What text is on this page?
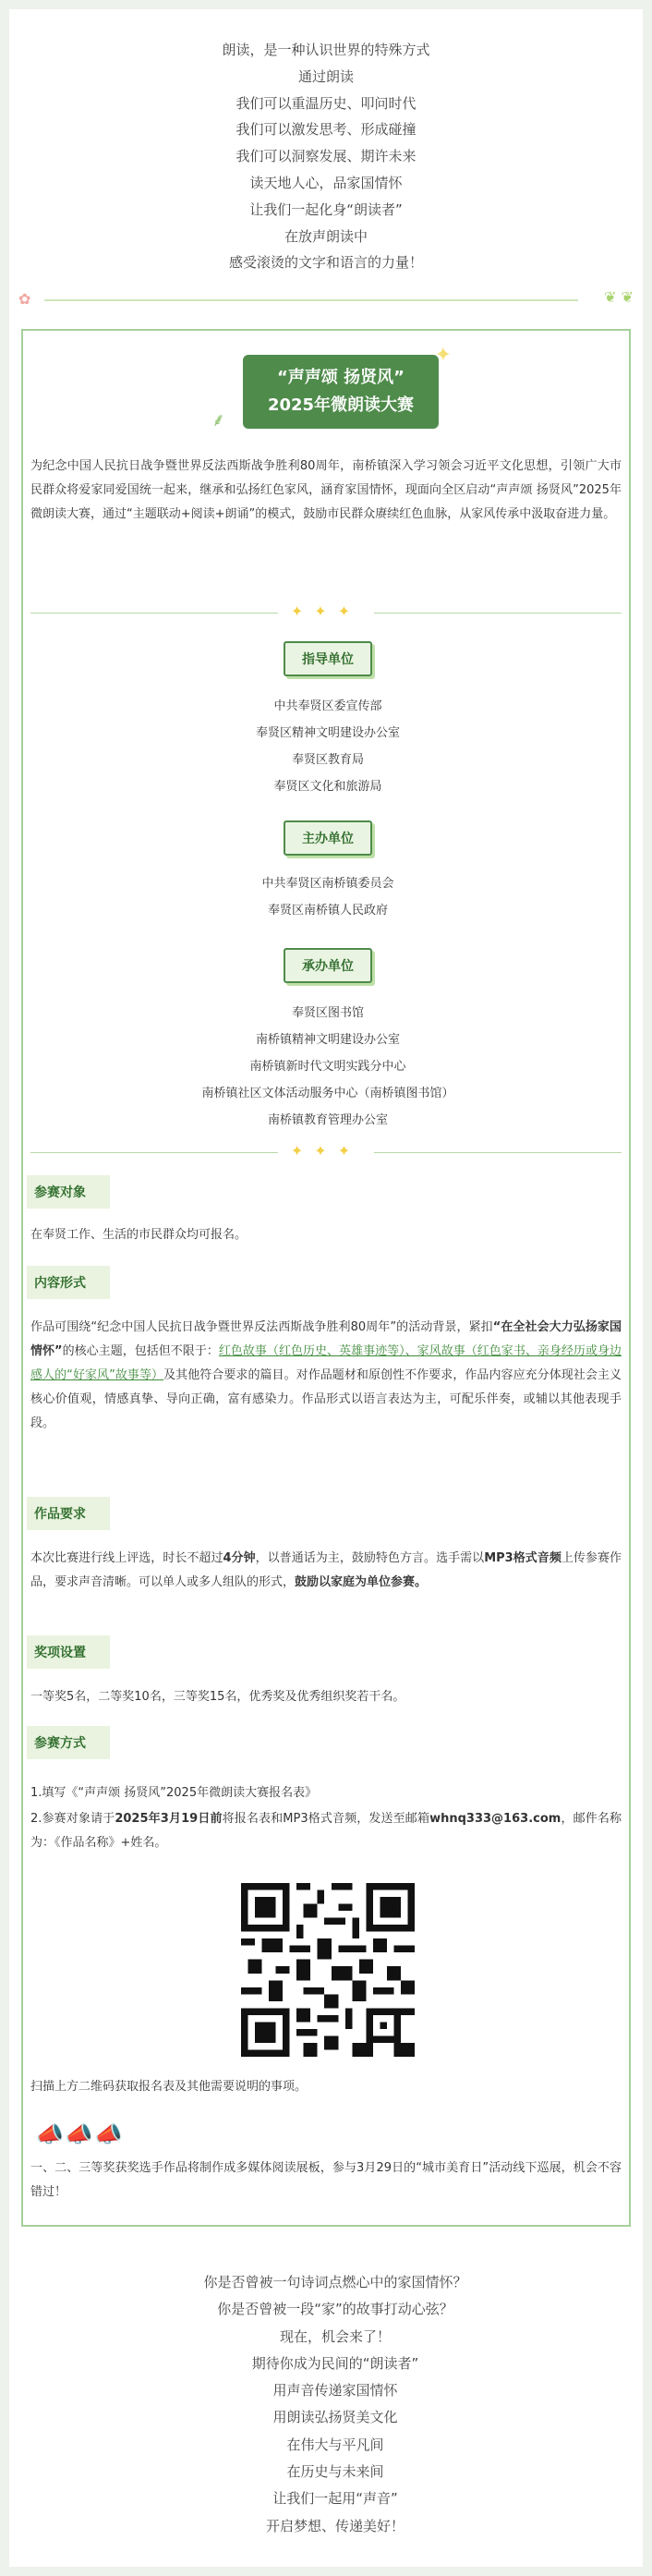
朗读，是一种认识世界的特殊方式
通过朗读
我们可以重温历史、叩问时代
我们可以激发思考、形成碰撞
我们可以洞察发展、期许未来
读天地人心，品家国情怀
让我们一起化身“朗读者”
在放声朗读中
感受滚烫的文字和语言的力量！
✿	❦ ❦
“声声颂 扬贤风”
2025年微朗读大赛
✦
⸙
为纪念中国人民抗日战争暨世界反法西斯战争胜利80周年，南桥镇深入学习领会习近平文化思想，引领广大市民群众将爱家同爱国统一起来，继承和弘扬红色家风，涵育家国情怀，现面向全区启动“声声颂 扬贤风”2025年微朗读大赛，通过“主题联动+阅读+朗诵”的模式，鼓励市民群众赓续红色血脉，从家风传承中汲取奋进力量。
✦✦✦
指导单位
中共奉贤区委宣传部
奉贤区精神文明建设办公室
奉贤区教育局
奉贤区文化和旅游局
主办单位
中共奉贤区南桥镇委员会
奉贤区南桥镇人民政府
承办单位
奉贤区图书馆
南桥镇精神文明建设办公室
南桥镇新时代文明实践分中心
南桥镇社区文体活动服务中心（南桥镇图书馆）
南桥镇教育管理办公室
✦✦✦
参赛对象
在奉贤工作、生活的市民群众均可报名。
内容形式
作品可围绕“纪念中国人民抗日战争暨世界反法西斯战争胜利80周年”的活动背景，紧扣“在全社会大力弘扬家国情怀”的核心主题，包括但不限于：红色故事（红色历史、英雄事迹等）、家风故事（红色家书、亲身经历或身边感人的“好家风”故事等）及其他符合要求的篇目。对作品题材和原创性不作要求，作品内容应充分体现社会主义核心价值观，情感真挚、导向正确，富有感染力。作品形式以语言表达为主，可配乐伴奏，或辅以其他表现手段。
作品要求
本次比赛进行线上评选，时长不超过4分钟，以普通话为主，鼓励特色方言。选手需以MP3格式音频上传参赛作品，要求声音清晰。可以单人或多人组队的形式，鼓励以家庭为单位参赛。
奖项设置
一等奖5名，二等奖10名，三等奖15名，优秀奖及优秀组织奖若干名。
参赛方式
1.填写《“声声颂 扬贤风”2025年微朗读大赛报名表》
2.参赛对象请于2025年3月19日前将报名表和MP3格式音频，发送至邮箱whnq333@163.com，邮件名称为：《作品名称》+姓名。
扫描上方二维码获取报名表及其他需要说明的事项。
📣📣📣
一、二、三等奖获奖选手作品将制作成多媒体阅读展板，参与3月29日的“城市美育日”活动线下巡展，机会不容错过！
你是否曾被一句诗词点燃心中的家国情怀？
你是否曾被一段“家”的故事打动心弦？
现在，机会来了！
期待你成为民间的“朗读者”
用声音传递家国情怀
用朗读弘扬贤美文化
在伟大与平凡间
在历史与未来间
让我们一起用“声音”
开启梦想、传递美好！
